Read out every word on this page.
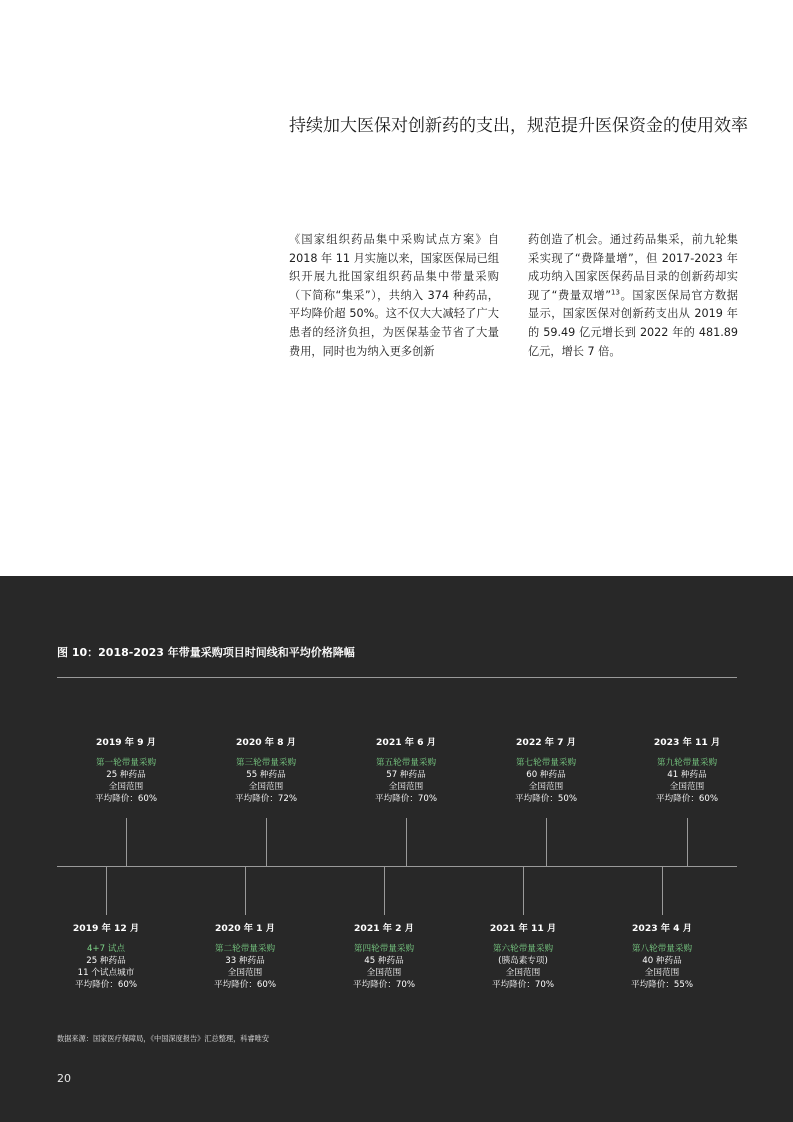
持续加大医保对创新药的支出，规范提升医保资金的使用效率
《国家组织药品集中采购试点方案》自 2018 年 11 月实施以来，国家医保局已组织开展九批国家组织药品集中带量采购（下简称“集采”），共纳入 374 种药品，平均降价超 50%。这不仅大大减轻了广大患者的经济负担，为医保基金节省了大量费用，同时也为纳入更多创新
药创造了机会。通过药品集采，前九轮集采实现了“费降量增”，但 2017-2023 年成功纳入国家医保药品目录的创新药却实现了“费量双增”$^{13}$。国家医保局官方数据显示，国家医保对创新药支出从 2019 年的 59.49 亿元增长到 2022 年的 481.89 亿元，增长 7 倍。
图 10：2018-2023 年带量采购项目时间线和平均价格降幅
2019 年 9 月
第一轮带量采购
25 种药品
全国范围
平均降价：60%
2020 年 8 月
第三轮带量采购
55 种药品
全国范围
平均降价：72%
2021 年 6 月
第五轮带量采购
57 种药品
全国范围
平均降价：70%
2022 年 7 月
第七轮带量采购
60 种药品
全国范围
平均降价：50%
2023 年 11 月
第九轮带量采购
41 种药品
全国范围
平均降价：60%
2019 年 12 月
4+7 试点
25 种药品
11 个试点城市
平均降价：60%
2020 年 1 月
第二轮带量采购
33 种药品
全国范围
平均降价：60%
2021 年 2 月
第四轮带量采购
45 种药品
全国范围
平均降价：70%
2021 年 11 月
第六轮带量采购
(胰岛素专项)
全国范围
平均降价：70%
2023 年 4 月
第八轮带量采购
40 种药品
全国范围
平均降价：55%
数据来源：国家医疗保障局，《中国深度报告》汇总整理，科睿唯安
20
